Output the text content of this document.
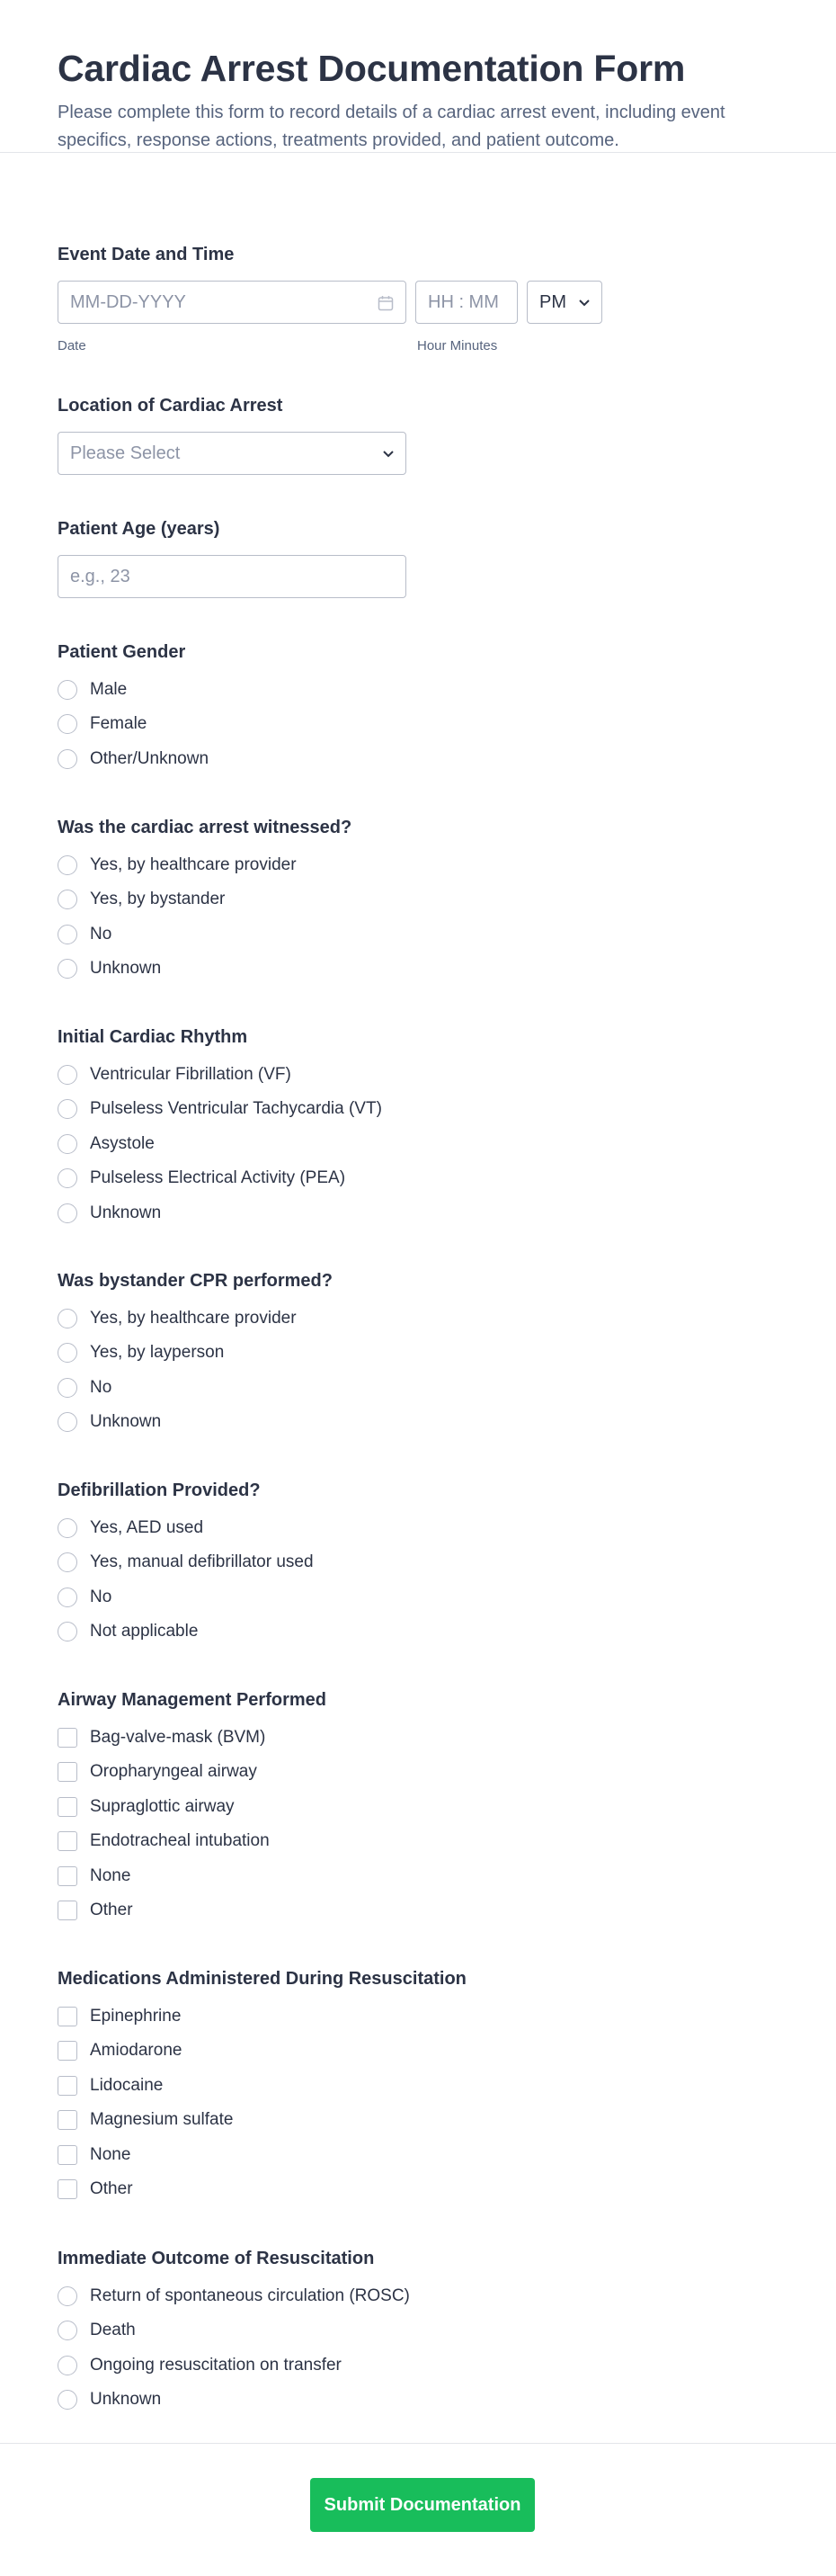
Cardiac Arrest Documentation Form

Please complete this form to record details of a cardiac arrest event, including event specifics, response actions, treatments provided, and patient outcome.

Event Date and Time
MM-DD-YYYY
Date
HH : MM
Hour Minutes
PM
Location of Cardiac Arrest
Please Select
Patient Age (years)
e.g., 23
Patient Gender
Male
Female
Other/Unknown
Was the cardiac arrest witnessed?
Yes, by healthcare provider
Yes, by bystander
No
Unknown
Initial Cardiac Rhythm
Ventricular Fibrillation (VF)
Pulseless Ventricular Tachycardia (VT)
Asystole
Pulseless Electrical Activity (PEA)
Unknown
Was bystander CPR performed?
Yes, by healthcare provider
Yes, by layperson
No
Unknown
Defibrillation Provided?
Yes, AED used
Yes, manual defibrillator used
No
Not applicable
Airway Management Performed
Bag-valve-mask (BVM)
Oropharyngeal airway
Supraglottic airway
Endotracheal intubation
None
Other
Medications Administered During Resuscitation
Epinephrine
Amiodarone
Lidocaine
Magnesium sulfate
None
Other
Immediate Outcome of Resuscitation
Return of spontaneous circulation (ROSC)
Death
Ongoing resuscitation on transfer
Unknown
Submit Documentation
